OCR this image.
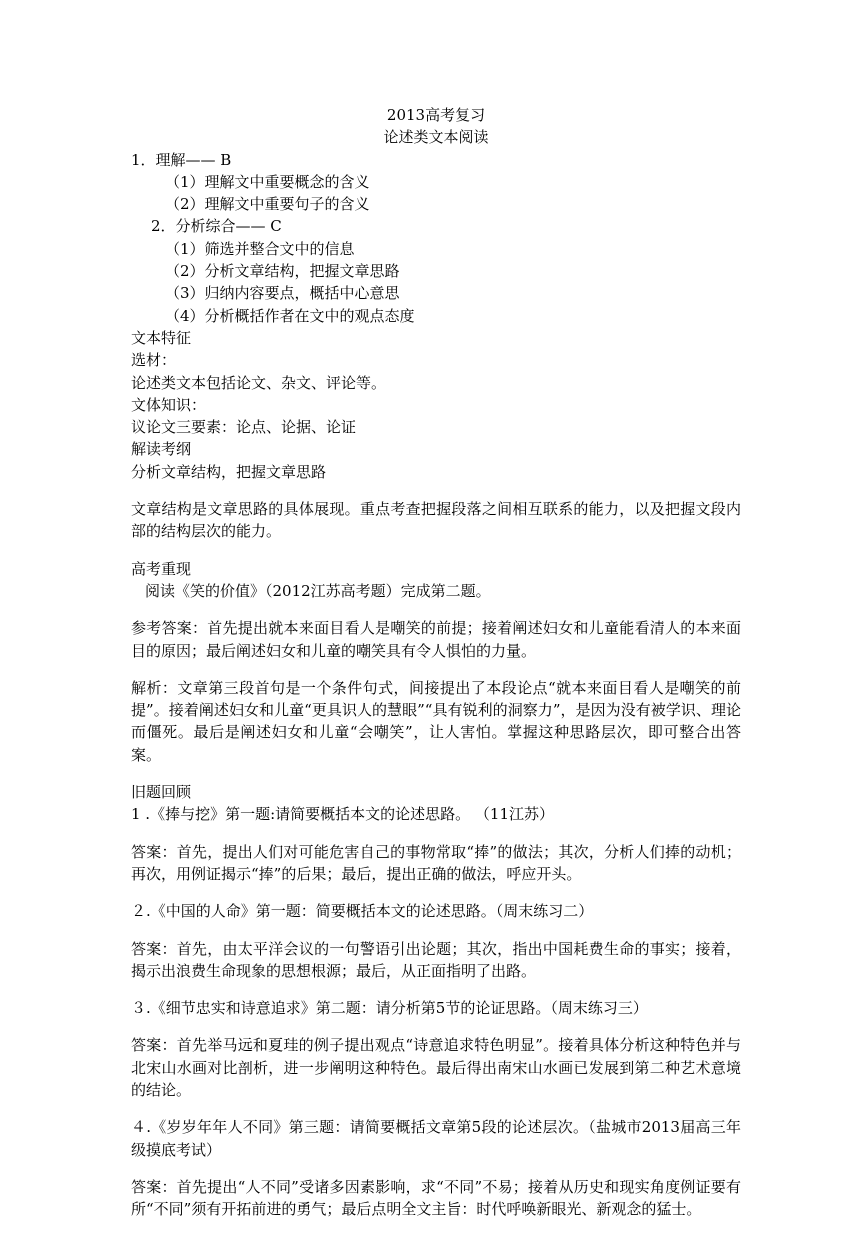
2013高考复习

论述类文本阅读

1．理解—— B

（1）理解文中重要概念的含义

（2）理解文中重要句子的含义

2．分析综合—— C

（1）筛选并整合文中的信息

（2）分析文章结构，把握文章思路

（3）归纳内容要点，概括中心意思

（4）分析概括作者在文中的观点态度

文本特征

选材：

论述类文本包括论文、杂文、评论等。

文体知识：

议论文三要素：论点、论据、论证

解读考纲

分析文章结构，把握文章思路

文章结构是文章思路的具体展现。重点考查把握段落之间相互联系的能力，以及把握文段内部的结构层次的能力。

高考重现

阅读《笑的价值》（2012江苏高考题）完成第二题。

参考答案：首先提出就本来面目看人是嘲笑的前提；接着阐述妇女和儿童能看清人的本来面目的原因；最后阐述妇女和儿童的嘲笑具有令人惧怕的力量。

解析：文章第三段首句是一个条件句式，间接提出了本段论点“就本来面目看人是嘲笑的前提”。接着阐述妇女和儿童“更具识人的慧眼”“具有锐利的洞察力”，是因为没有被学识、理论而僵死。最后是阐述妇女和儿童“会嘲笑”，让人害怕。掌握这种思路层次，即可整合出答案。

旧题回顾

1 .《捧与挖》第一题:请简要概括本文的论述思路。 （11江苏）

答案：首先，提出人们对可能危害自己的事物常取“捧”的做法；其次，分析人们捧的动机；再次，用例证揭示“捧”的后果；最后，提出正确的做法，呼应开头。

２.《中国的人命》第一题：简要概括本文的论述思路。（周末练习二）

答案：首先，由太平洋会议的一句警语引出论题；其次，指出中国耗费生命的事实；接着，揭示出浪费生命现象的思想根源；最后，从正面指明了出路。

３.《细节忠实和诗意追求》第二题：请分析第5节的论证思路。（周末练习三）

答案：首先举马远和夏珪的例子提出观点“诗意追求特色明显”。接着具体分析这种特色并与北宋山水画对比剖析，进一步阐明这种特色。最后得出南宋山水画已发展到第二种艺术意境的结论。

４.《岁岁年年人不同》第三题：请简要概括文章第5段的论述层次。（盐城市2013届高三年级摸底考试）

答案：首先提出“人不同”受诸多因素影响，求“不同”不易；接着从历史和现实角度例证要有所“不同”须有开拓前进的勇气；最后点明全文主旨：时代呼唤新眼光、新观念的猛士。
